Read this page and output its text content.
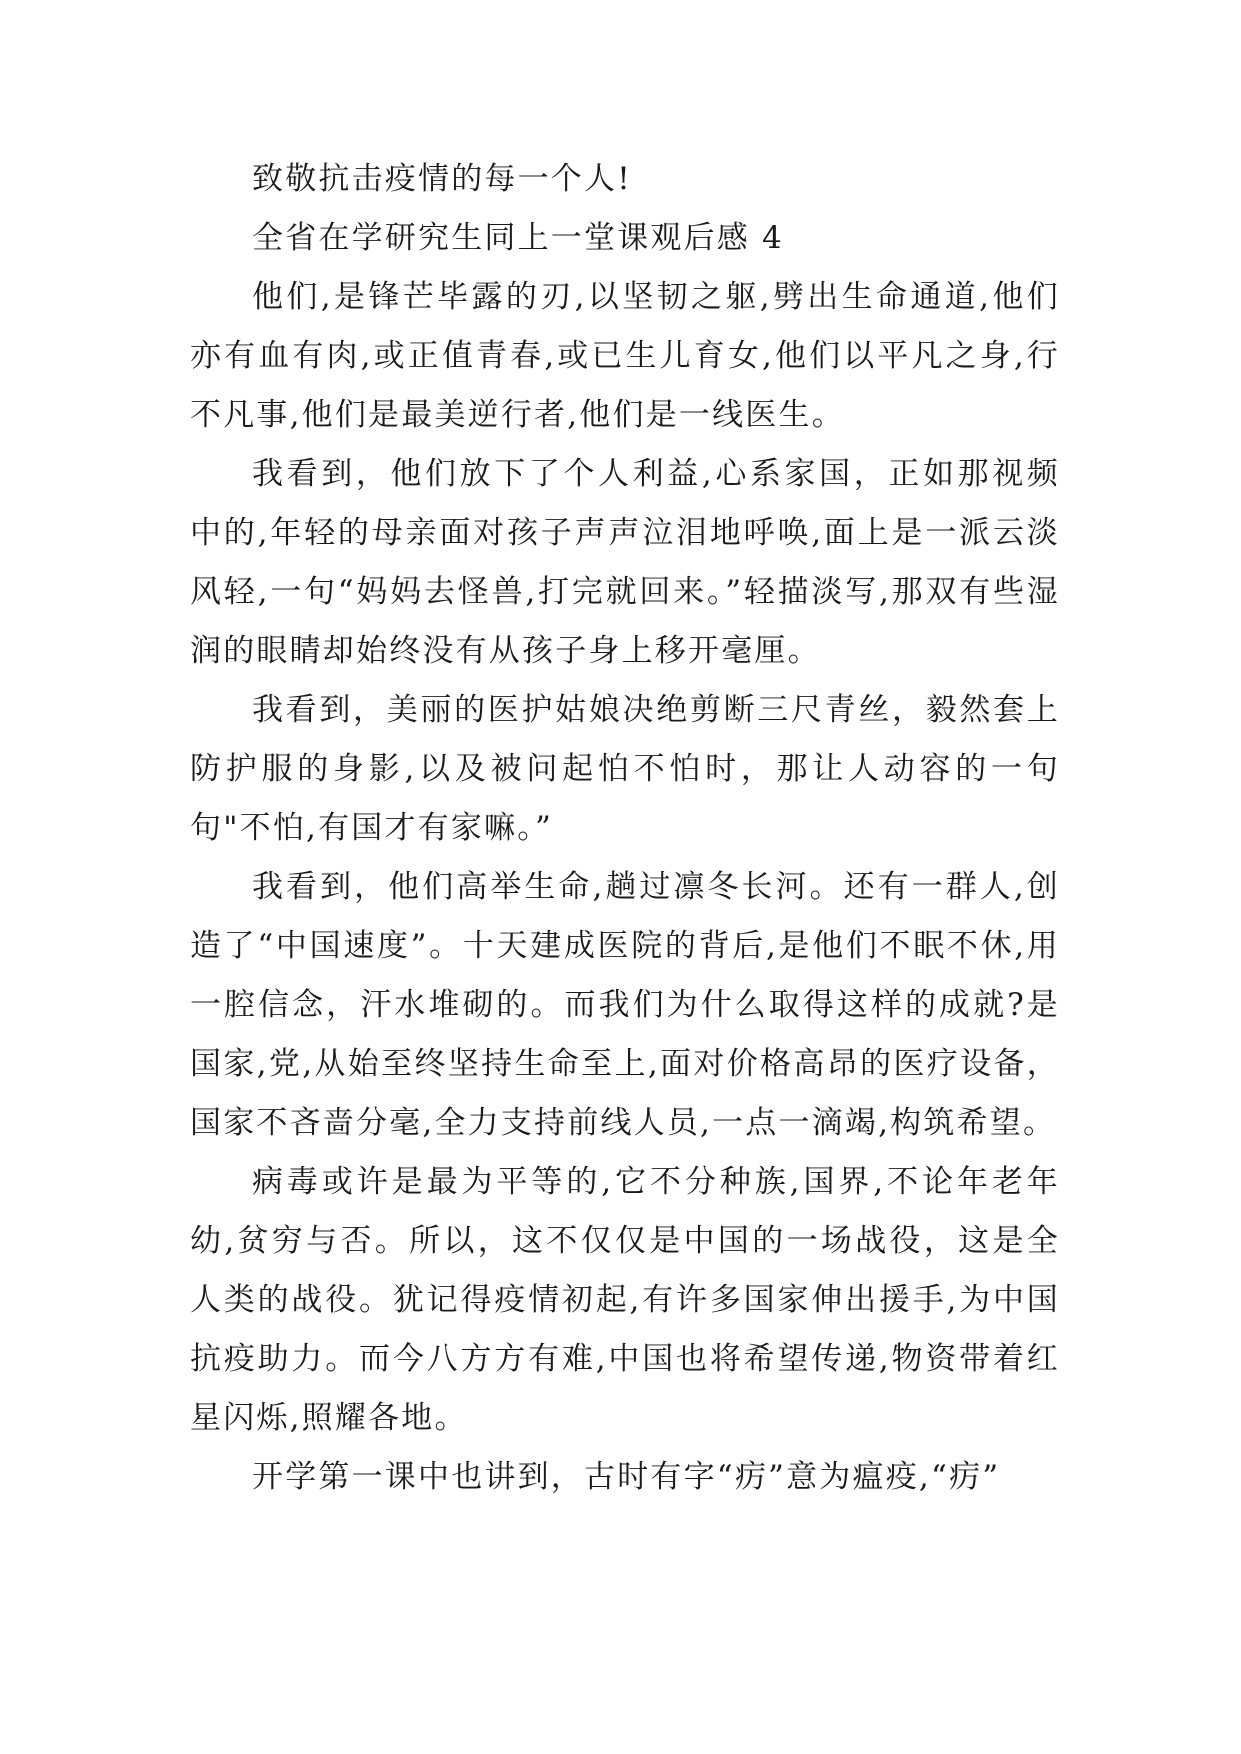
致敬抗击疫情的每一个人!

全省在学研究生同上一堂课观后感 4

他们,是锋芒毕露的刃,以坚韧之躯,劈出生命通道,他们亦有血有肉,或正值青春,或已生儿育女,他们以平凡之身,行不凡事,他们是最美逆行者,他们是一线医生。

我看到，他们放下了个人利益,心系家国，正如那视频中的,年轻的母亲面对孩子声声泣泪地呼唤,面上是一派云淡风轻,一句“妈妈去怪兽,打完就回来。”轻描淡写,那双有些湿润的眼睛却始终没有从孩子身上移开毫厘。

我看到，美丽的医护姑娘决绝剪断三尺青丝，毅然套上防护服的身影,以及被问起怕不怕时，那让人动容的一句句"不怕,有国才有家嘛。”

我看到，他们高举生命,趟过凛冬长河。还有一群人,创造了“中国速度”。十天建成医院的背后,是他们不眠不休,用一腔信念，汗水堆砌的。而我们为什么取得这样的成就?是国家,党,从始至终坚持生命至上,面对价格高昂的医疗设备，国家不吝啬分毫,全力支持前线人员,一点一滴竭,构筑希望。

病毒或许是最为平等的,它不分种族,国界,不论年老年幼,贫穷与否。所以，这不仅仅是中国的一场战役，这是全人类的战役。犹记得疫情初起,有许多国家伸出援手,为中国抗疫助力。而今八方方有难,中国也将希望传递,物资带着红星闪烁,照耀各地。

开学第一课中也讲到，古时有字“疠”意为瘟疫,“疠”
